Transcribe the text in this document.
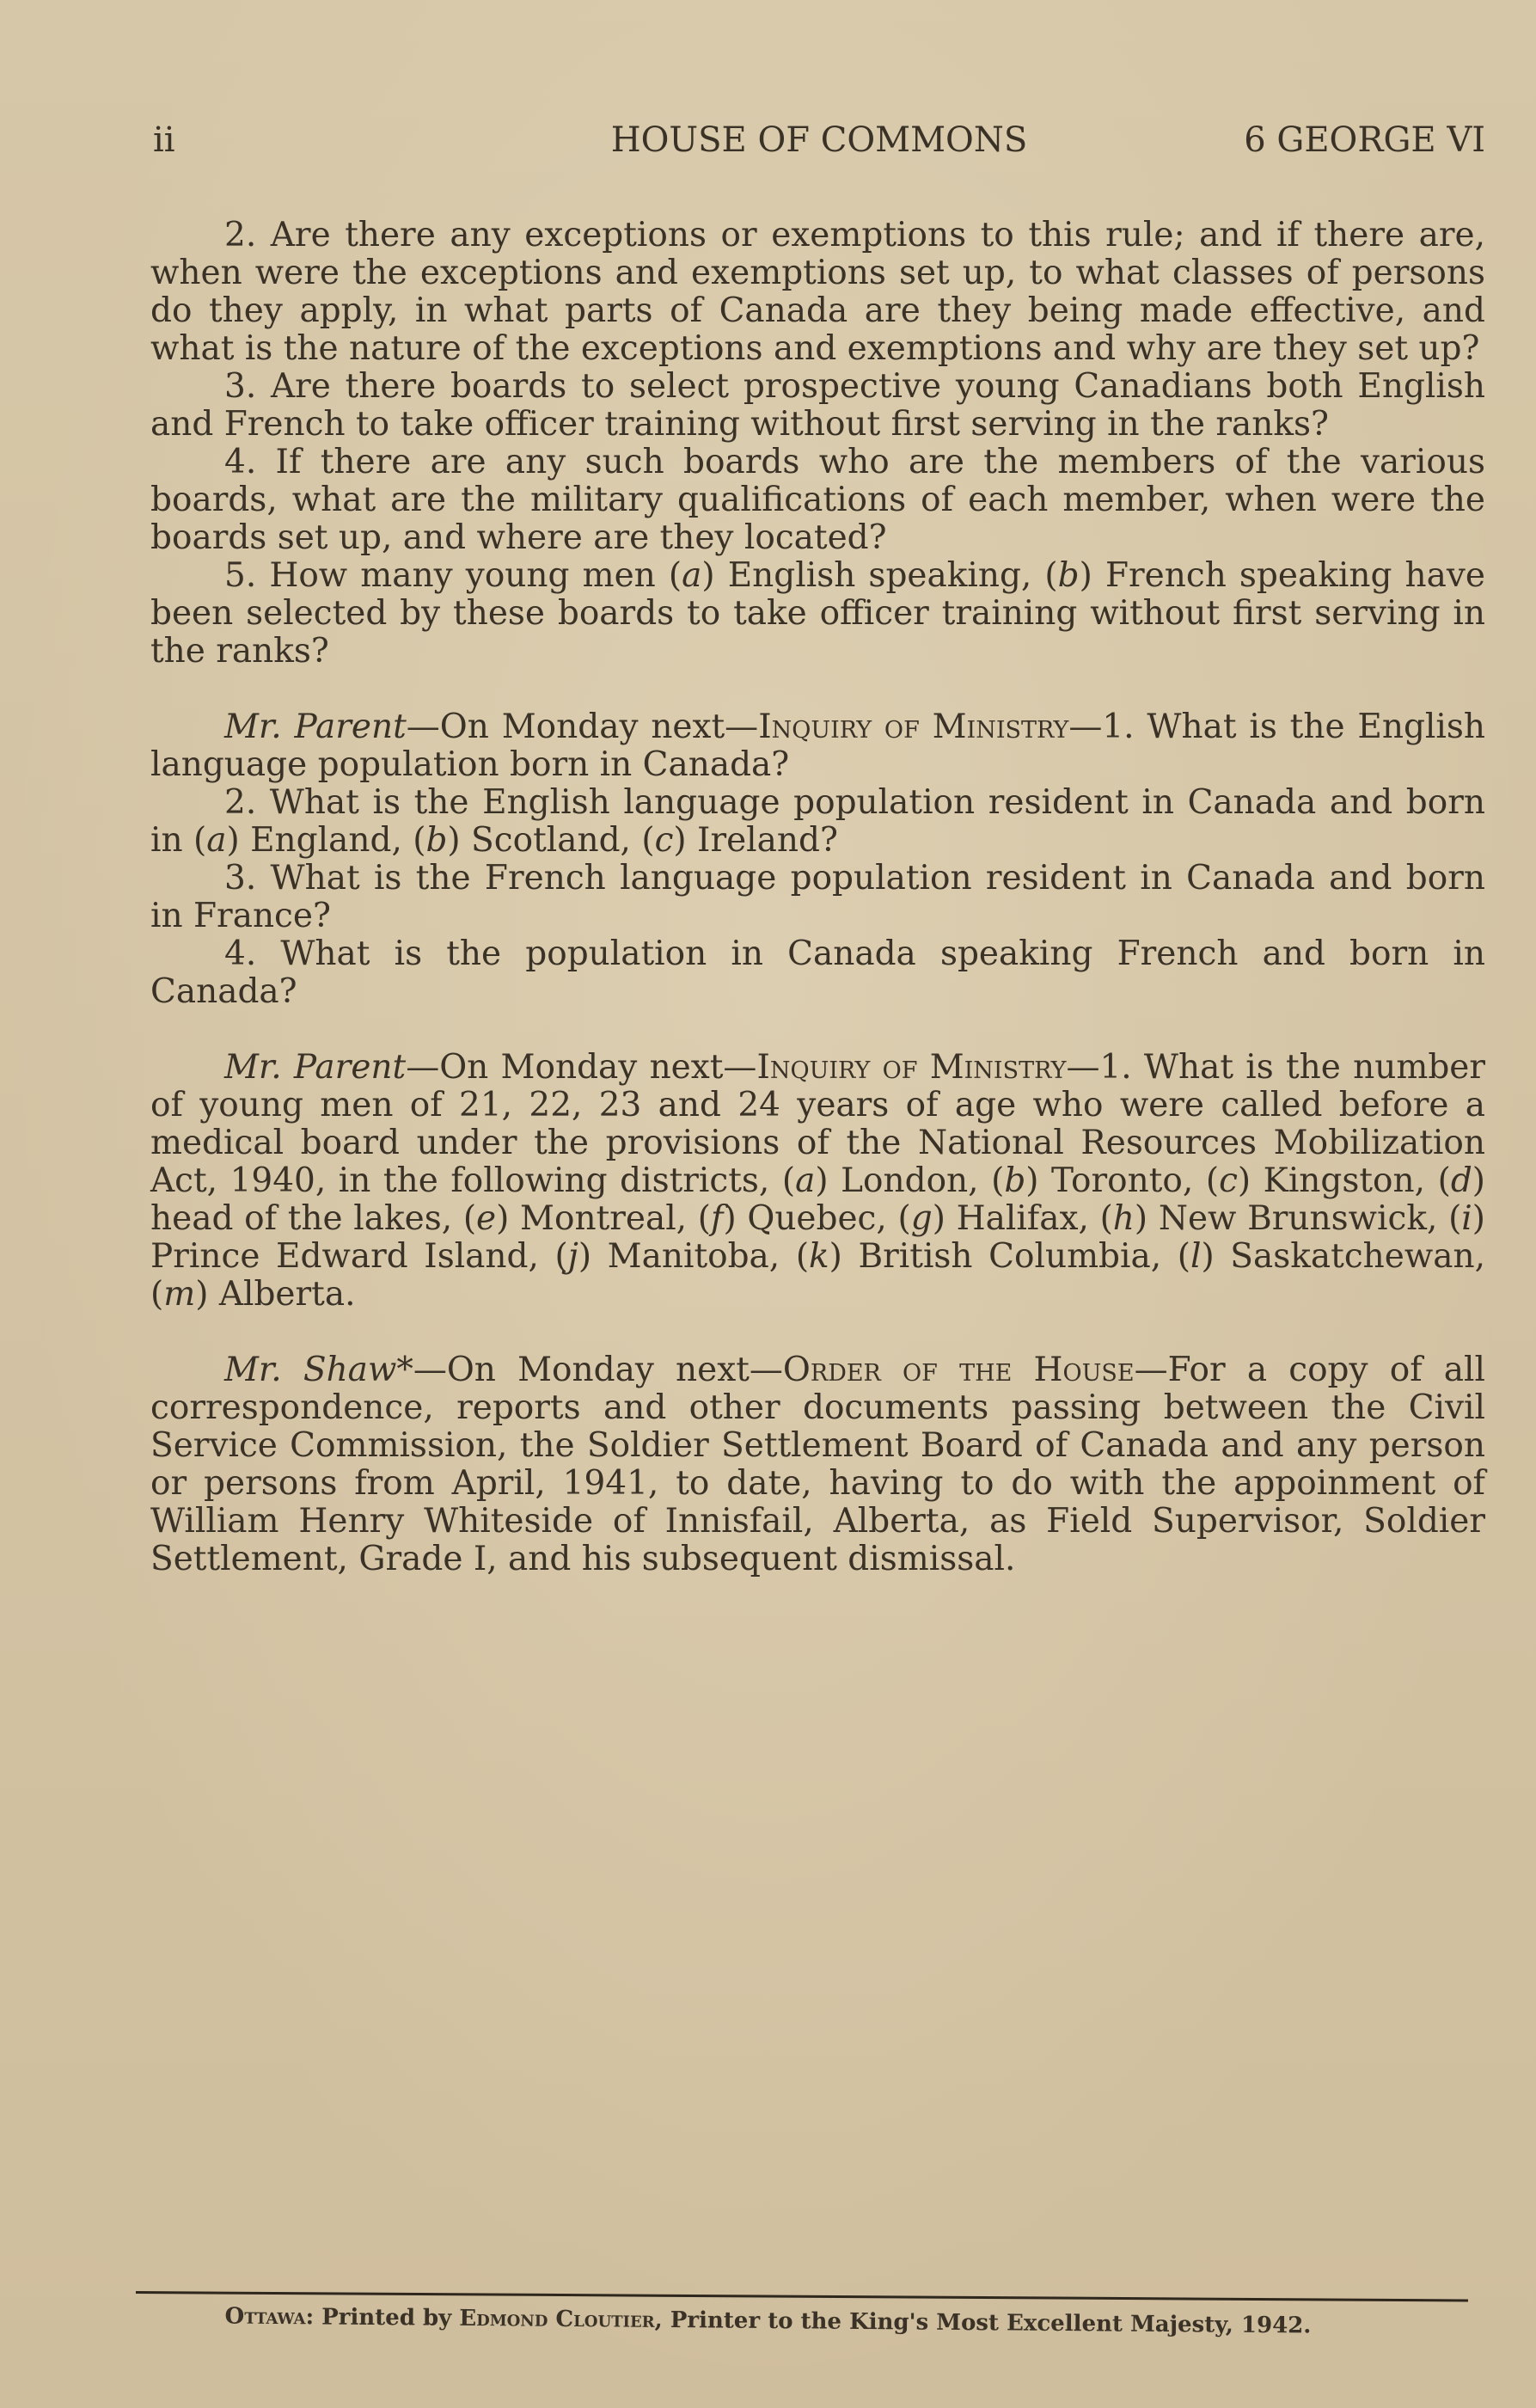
ii	HOUSE OF COMMONS	6 GEORGE VI

2. Are there any exceptions or exemptions to this rule; and if there are, when were the exceptions and exemptions set up, to what classes of persons do they apply, in what parts of Canada are they being made effective, and what is the nature of the exceptions and exemptions and why are they set up?

3. Are there boards to select prospective young Canadians both English and French to take officer training without first serving in the ranks?

4. If there are any such boards who are the members of the various boards, what are the military qualifications of each member, when were the boards set up, and where are they located?

5. How many young men (a) English speaking, (b) French speaking have been selected by these boards to take officer training without first serving in the ranks?

Mr. Parent—On Monday next—Inquiry of Ministry—1. What is the English language population born in Canada?

2. What is the English language population resident in Canada and born in (a) England, (b) Scotland, (c) Ireland?

3. What is the French language population resident in Canada and born in France?

4. What is the population in Canada speaking French and born in Canada?

Mr. Parent—On Monday next—Inquiry of Ministry—1. What is the number of young men of 21, 22, 23 and 24 years of age who were called before a medical board under the provisions of the National Resources Mobilization Act, 1940, in the following districts, (a) London, (b) Toronto, (c) Kingston, (d) head of the lakes, (e) Montreal, (f) Quebec, (g) Halifax, (h) New Brunswick, (i) Prince Edward Island, (j) Manitoba, (k) British Columbia, (l) Saskatchewan, (m) Alberta.

Mr. Shaw*—On Monday next—Order of the House—For a copy of all correspondence, reports and other documents passing between the Civil Service Commission, the Soldier Settlement Board of Canada and any person or persons from April, 1941, to date, having to do with the appoinment of William Henry Whiteside of Innisfail, Alberta, as Field Supervisor, Soldier Settlement, Grade I, and his subsequent dismissal.

Ottawa: Printed by Edmond Cloutier, Printer to the King's Most Excellent Majesty, 1942.
